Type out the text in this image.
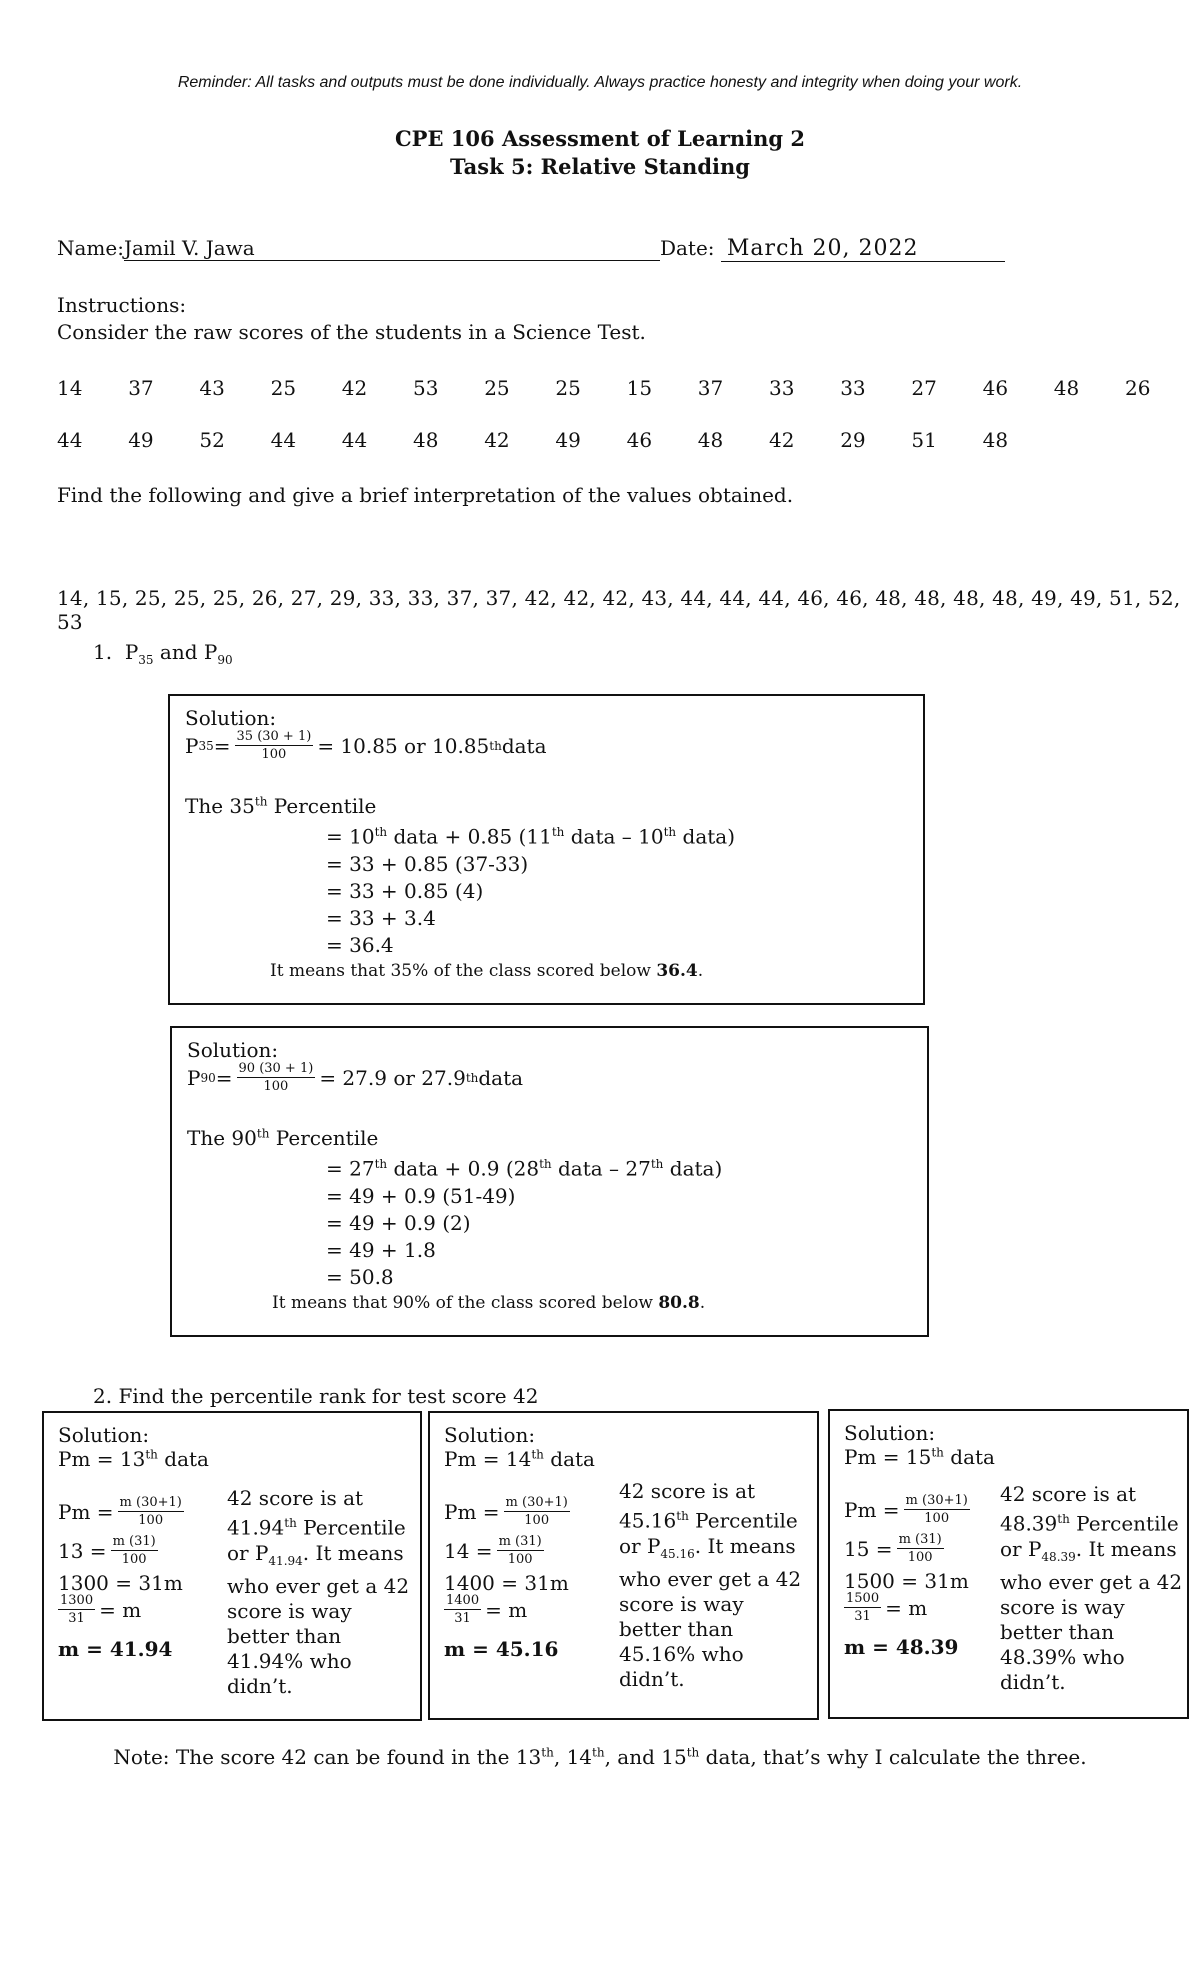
Reminder: All tasks and outputs must be done individually. Always practice honesty and integrity when doing your work.
CPE 106 Assessment of Learning 2
Task 5: Relative Standing
Name:Jamil V. Jawa	Date: March 20, 2022
Instructions:
Consider the raw scores of the students in a Science Test.
14 37 43 25 42 53 25 25 15 37 33 33 27 46 48 26
44 49 52 44 44 48 42 49 46 48 42 29 51 48
Find the following and give a brief interpretation of the values obtained.
14, 15, 25, 25, 25, 26, 27, 29, 33, 33, 37, 37, 42, 42, 42, 43, 44, 44, 44, 46, 46, 48, 48, 48, 48, 49, 49, 51, 52, 53
1. $P_{35}$ and $P_{90}$
Solution:
P $35 = \frac{35 (30 + 1)}{100} = 10.85$ or 10.85 th data
The 35th Percentile
= 10th data + 0.85 (11th data – 10th data)
= 33 + 0.85 (37-33)
= 33 + 0.85 (4)
= 33 + 3.4
= 36.4
It means that 35% of the class scored below 36.4.
Solution:
P $90 = \frac{90 (30 + 1)}{100} = 27.9$ or 27.9 th data
The 90th Percentile
= 27th data + 0.9 (28th data – 27th data)
= 49 + 0.9 (51-49)
= 49 + 0.9 (2)
= 49 + 1.8
= 50.8
It means that 90% of the class scored below 80.8.
2. Find the percentile rank for test score 42
Solution:
Pm = 13th data
$Pm = \frac{m (30+1)}{100}$
$13 = \frac{m (31)}{100}$
1300 = 31m
$\frac{1300}{31} = m$
m = 41.94
42 score is at
41.94th Percentile
or $P_{41.94}$. It means
who ever get a 42
score is way
better than
41.94% who
didn’t.
Solution:
Pm = 14th data
$Pm = \frac{m (30+1)}{100}$
$14 = \frac{m (31)}{100}$
1400 = 31m
$\frac{1400}{31} = m$
m = 45.16
42 score is at
45.16th Percentile
or $P_{45.16}$. It means
who ever get a 42
score is way
better than
45.16% who
didn’t.
Solution:
Pm = 15th data
$Pm = \frac{m (30+1)}{100}$
$15 = \frac{m (31)}{100}$
1500 = 31m
$\frac{1500}{31} = m$
m = 48.39
42 score is at
48.39th Percentile
or $P_{48.39}$. It means
who ever get a 42
score is way
better than
48.39% who
didn’t.
Note: The score 42 can be found in the 13th, 14th, and 15th data, that’s why I calculate the three.
